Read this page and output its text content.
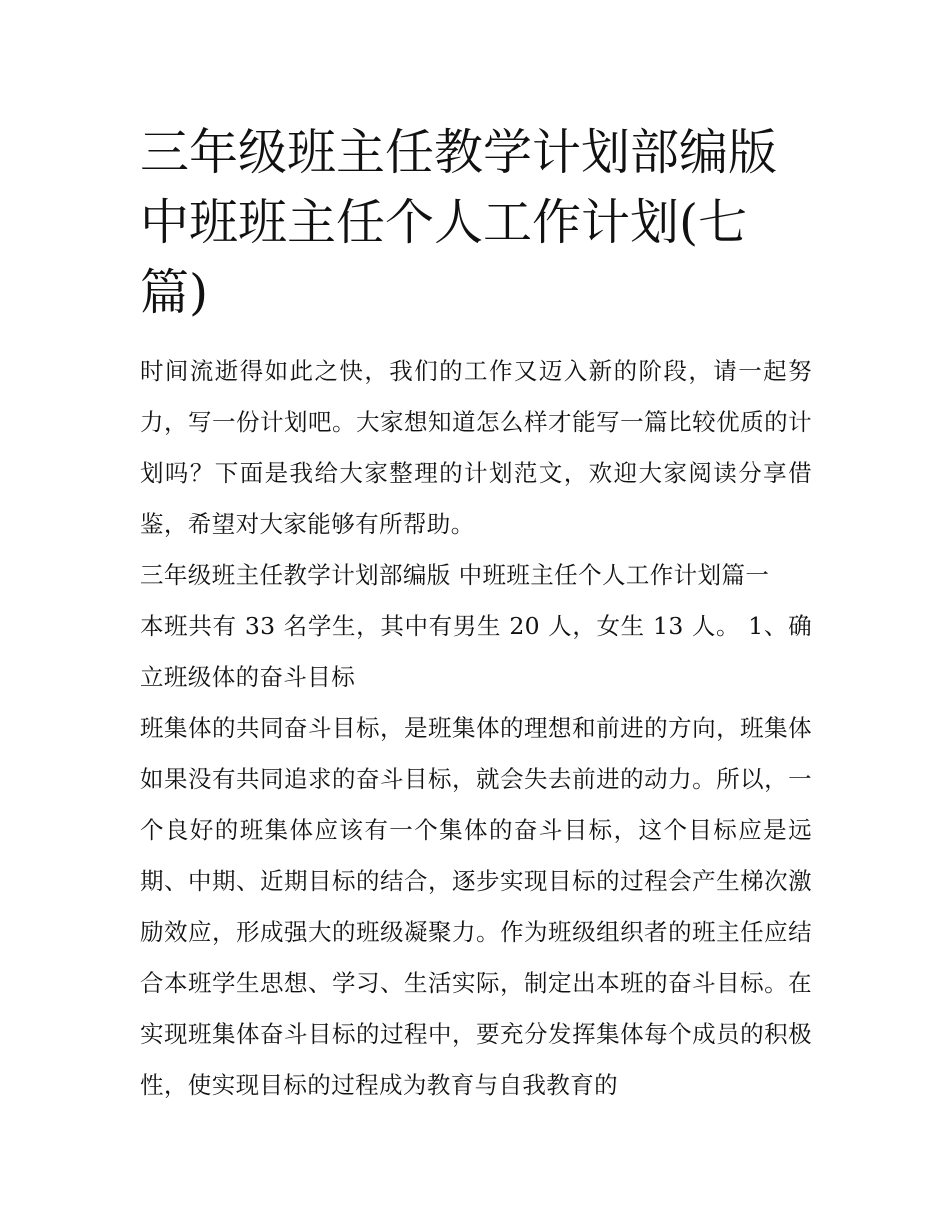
三年级班主任教学计划部编版中班班主任个人工作计划(七篇)

时间流逝得如此之快，我们的工作又迈入新的阶段，请一起努力，写一份计划吧。大家想知道怎么样才能写一篇比较优质的计划吗？下面是我给大家整理的计划范文，欢迎大家阅读分享借鉴，希望对大家能够有所帮助。

三年级班主任教学计划部编版 中班班主任个人工作计划篇一

本班共有 33 名学生，其中有男生 20 人，女生 13 人。 1、确立班级体的奋斗目标

班集体的共同奋斗目标，是班集体的理想和前进的方向，班集体如果没有共同追求的奋斗目标，就会失去前进的动力。所以，一个良好的班集体应该有一个集体的奋斗目标，这个目标应是远期、中期、近期目标的结合，逐步实现目标的过程会产生梯次激励效应，形成强大的班级凝聚力。作为班级组织者的班主任应结合本班学生思想、学习、生活实际，制定出本班的奋斗目标。在实现班集体奋斗目标的过程中，要充分发挥集体每个成员的积极性，使实现目标的过程成为教育与自我教育的
